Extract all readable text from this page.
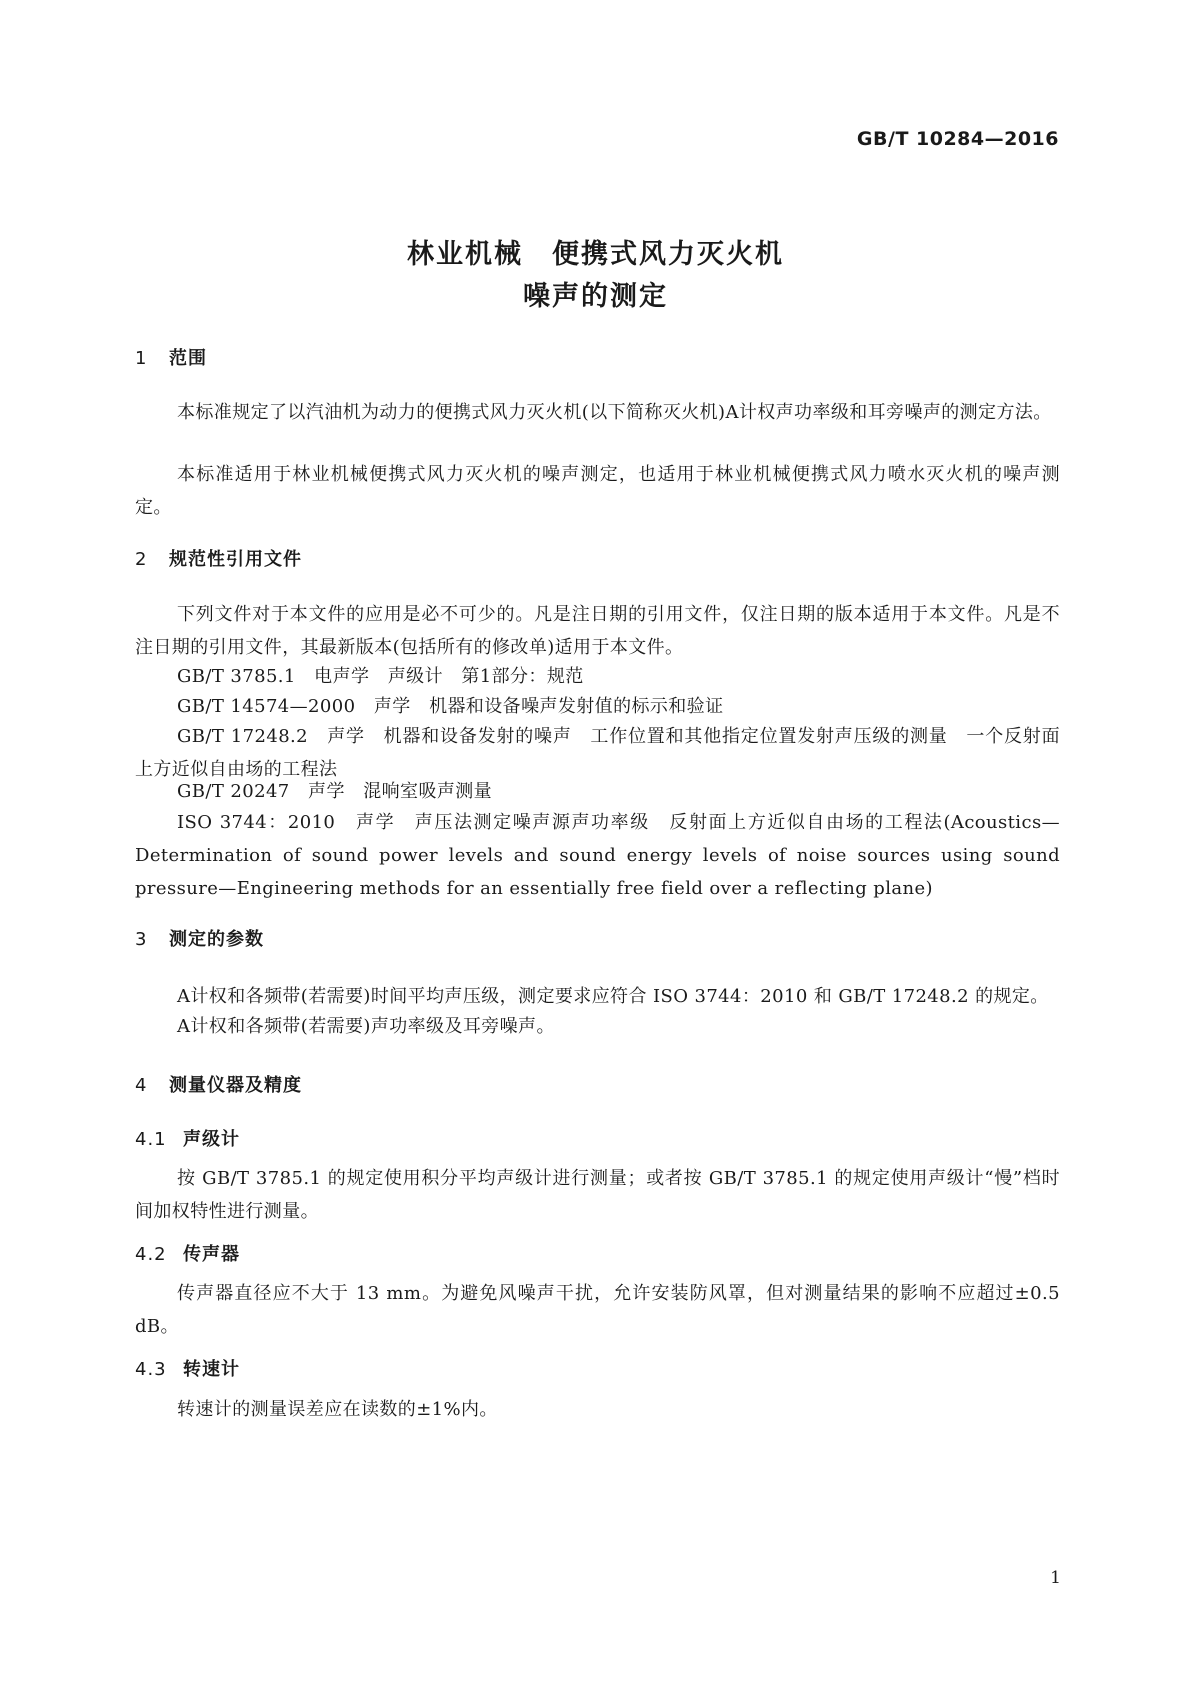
GB/T 10284—2016
林业机械　便携式风力灭火机
噪声的测定
1 范围
本标准规定了以汽油机为动力的便携式风力灭火机(以下简称灭火机)A计权声功率级和耳旁噪声的测定方法。
本标准适用于林业机械便携式风力灭火机的噪声测定，也适用于林业机械便携式风力喷水灭火机的噪声测定。
2 规范性引用文件
下列文件对于本文件的应用是必不可少的。凡是注日期的引用文件，仅注日期的版本适用于本文件。凡是不注日期的引用文件，其最新版本(包括所有的修改单)适用于本文件。
GB/T 3785.1　电声学　声级计　第1部分：规范
GB/T 14574—2000　声学　机器和设备噪声发射值的标示和验证
GB/T 17248.2　声学　机器和设备发射的噪声　工作位置和其他指定位置发射声压级的测量　一个反射面上方近似自由场的工程法
GB/T 20247　声学　混响室吸声测量
ISO 3744：2010　声学　声压法测定噪声源声功率级　反射面上方近似自由场的工程法(Acoustics—Determination of sound power levels and sound energy levels of noise sources using sound pressure—Engineering methods for an essentially free field over a reflecting plane)
3 测定的参数
A计权和各频带(若需要)时间平均声压级，测定要求应符合 ISO 3744：2010 和 GB/T 17248.2 的规定。
A计权和各频带(若需要)声功率级及耳旁噪声。
4 测量仪器及精度
4.1 声级计
按 GB/T 3785.1 的规定使用积分平均声级计进行测量；或者按 GB/T 3785.1 的规定使用声级计“慢”档时间加权特性进行测量。
4.2 传声器
传声器直径应不大于 13 mm。为避免风噪声干扰，允许安装防风罩，但对测量结果的影响不应超过±0.5 dB。
4.3 转速计
转速计的测量误差应在读数的±1%内。
1
